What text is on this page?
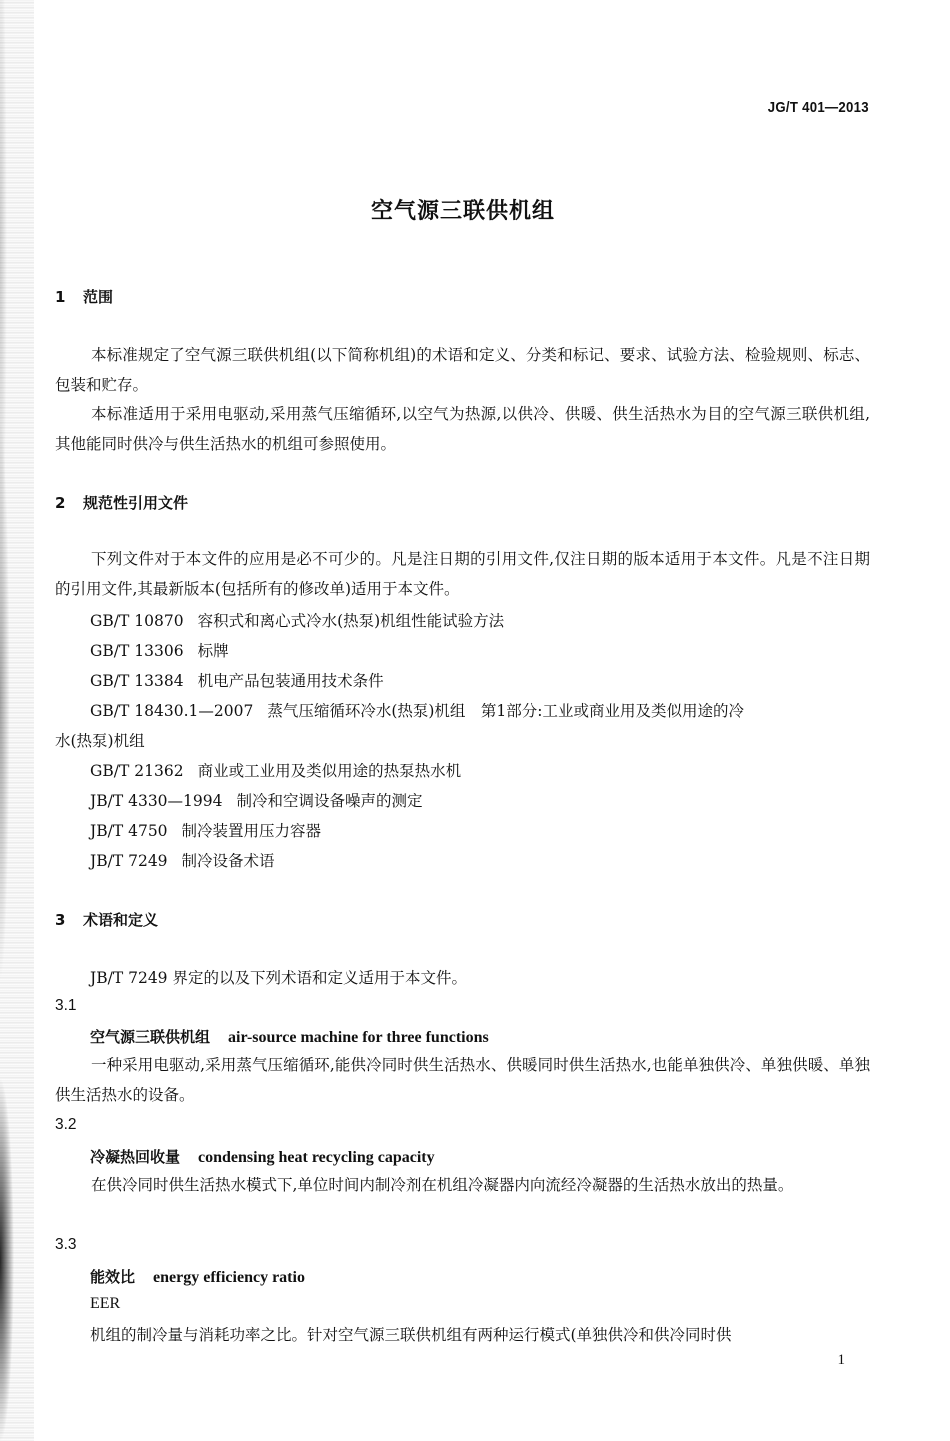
JG/T 401—2013
空气源三联供机组
1 范围
本标准规定了空气源三联供机组(以下简称机组)的术语和定义、分类和标记、要求、试验方法、检验规则、标志、包装和贮存。
本标准适用于采用电驱动,采用蒸气压缩循环,以空气为热源,以供冷、供暖、供生活热水为目的空气源三联供机组,其他能同时供冷与供生活热水的机组可参照使用。
2 规范性引用文件
下列文件对于本文件的应用是必不可少的。凡是注日期的引用文件,仅注日期的版本适用于本文件。凡是不注日期的引用文件,其最新版本(包括所有的修改单)适用于本文件。
GB/T 10870 容积式和离心式冷水(热泵)机组性能试验方法
GB/T 13306 标牌
GB/T 13384 机电产品包装通用技术条件
GB/T 18430.1—2007 蒸气压缩循环冷水(热泵)机组　第1部分:工业或商业用及类似用途的冷
水(热泵)机组
GB/T 21362 商业或工业用及类似用途的热泵热水机
JB/T 4330—1994 制冷和空调设备噪声的测定
JB/T 4750 制冷装置用压力容器
JB/T 7249 制冷设备术语
3 术语和定义
JB/T 7249 界定的以及下列术语和定义适用于本文件。
3.1
空气源三联供机组 air-source machine for three functions
一种采用电驱动,采用蒸气压缩循环,能供冷同时供生活热水、供暖同时供生活热水,也能单独供冷、单独供暖、单独供生活热水的设备。
3.2
冷凝热回收量 condensing heat recycling capacity
在供冷同时供生活热水模式下,单位时间内制冷剂在机组冷凝器内向流经冷凝器的生活热水放出的热量。
3.3
能效比 energy efficiency ratio
EER
机组的制冷量与消耗功率之比。针对空气源三联供机组有两种运行模式(单独供冷和供冷同时供
1
